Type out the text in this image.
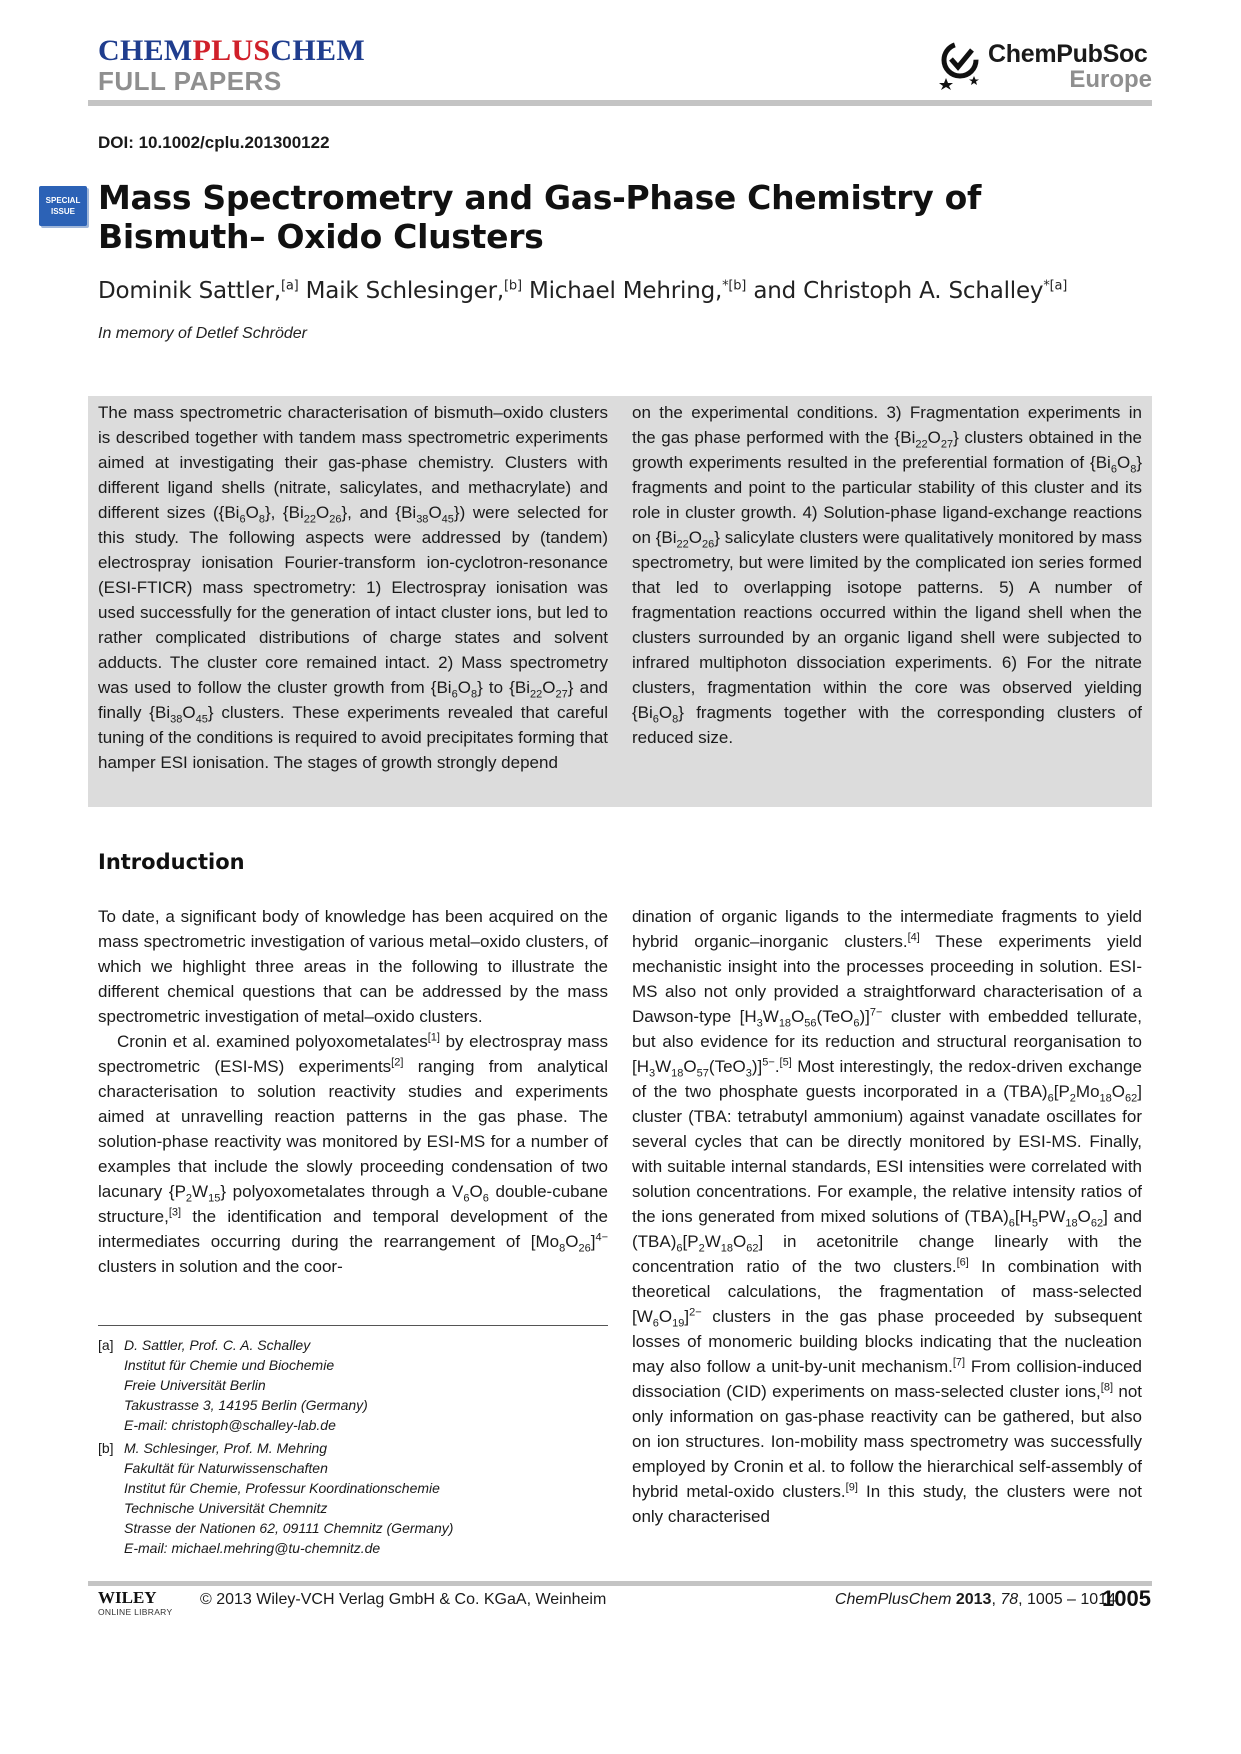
CHEMPLUSCHEM
FULL PAPERS
ChemPubSoc
Europe
DOI: 10.1002/cplu.201300122
SPECIAL
ISSUE Mass Spectrometry and Gas-Phase Chemistry of Bismuth– Oxido Clusters
Dominik Sattler,[a] Maik Schlesinger,[b] Michael Mehring,$^{*[b]}$ and Christoph A. Schalley$^{*[a]}$
In memory of Detlef Schröder

The mass spectrometric characterisation of bismuth–oxido clusters is described together with tandem mass spectrometric experiments aimed at investigating their gas-phase chemistry. Clusters with different ligand shells (nitrate, salicylates, and methacrylate) and different sizes ($\{Bi_6O_8\}$, $\{Bi_{22}O_{26}\}$, and $\{Bi_{38}O_{45}\}$) were selected for this study. The following aspects were addressed by (tandem) electrospray ionisation Fourier-transform ion-cyclotron-resonance (ESI-FTICR) mass spectrometry: 1) Electrospray ionisation was used successfully for the generation of intact cluster ions, but led to rather complicated distributions of charge states and solvent adducts. The cluster core remained intact. 2) Mass spectrometry was used to follow the cluster growth from $\{Bi_6O_8\}$ to $\{Bi_{22}O_{27}\}$ and finally $\{Bi_{38}O_{45}\}$ clusters. These experiments revealed that careful tuning of the conditions is required to avoid precipitates forming that hamper ESI ionisation. The stages of growth strongly depend

on the experimental conditions. 3) Fragmentation experiments in the gas phase performed with the $\{Bi_{22}O_{27}\}$ clusters obtained in the growth experiments resulted in the preferential formation of $\{Bi_6O_8\}$ fragments and point to the particular stability of this cluster and its role in cluster growth. 4) Solution-phase ligand-exchange reactions on $\{Bi_{22}O_{26}\}$ salicylate clusters were qualitatively monitored by mass spectrometry, but were limited by the complicated ion series formed that led to overlapping isotope patterns. 5) A number of fragmentation reactions occurred within the ligand shell when the clusters surrounded by an organic ligand shell were subjected to infrared multiphoton dissociation experiments. 6) For the nitrate clusters, fragmentation within the core was observed yielding $\{Bi_6O_8\}$ fragments together with the corresponding clusters of reduced size.

Introduction

To date, a significant body of knowledge has been acquired on the mass spectrometric investigation of various metal–oxido clusters, of which we highlight three areas in the following to illustrate the different chemical questions that can be addressed by the mass spectrometric investigation of metal–oxido clusters.

Cronin et al. examined polyoxometalates[1] by electrospray mass spectrometric (ESI-MS) experiments[2] ranging from analytical characterisation to solution reactivity studies and experiments aimed at unravelling reaction patterns in the gas phase. The solution-phase reactivity was monitored by ESI-MS for a number of examples that include the slowly proceeding condensation of two lacunary $\{P_2W_{15}\}$ polyoxometalates through a $V_6O_6$ double-cubane structure,[3] the identification and temporal development of the intermediates occurring during the rearrangement of $[Mo_8O_{26}]^{4-}$ clusters in solution and the coor-

dination of organic ligands to the intermediate fragments to yield hybrid organic–inorganic clusters.[4] These experiments yield mechanistic insight into the processes proceeding in solution. ESI-MS also not only provided a straightforward characterisation of a Dawson-type $[H_3W_{18}O_{56}(TeO_6)]^{7-}$ cluster with embedded tellurate, but also evidence for its reduction and structural reorganisation to $[H_3W_{18}O_{57}(TeO_3)]^{5-}.[5]$ Most interestingly, the redox-driven exchange of the two phosphate guests incorporated in a $(TBA)_6[P_2Mo_{18}O_{62}]$ cluster (TBA: tetrabutyl ammonium) against vanadate oscillates for several cycles that can be directly monitored by ESI-MS. Finally, with suitable internal standards, ESI intensities were correlated with solution concentrations. For example, the relative intensity ratios of the ions generated from mixed solutions of $(TBA)_6[H_5PW_{18}O_{62}]$ and $(TBA)_6[P_2W_{18}O_{62}]$ in acetonitrile change linearly with the concentration ratio of the two clusters.[6] In combination with theoretical calculations, the fragmentation of mass-selected $[W_6O_{19}]^{2-}$ clusters in the gas phase proceeded by subsequent losses of monomeric building blocks indicating that the nucleation may also follow a unit-by-unit mechanism.[7] From collision-induced dissociation (CID) experiments on mass-selected cluster ions,[8] not only information on gas-phase reactivity can be gathered, but also on ion structures. Ion-mobility mass spectrometry was successfully employed by Cronin et al. to follow the hierarchical self-assembly of hybrid metal-oxido clusters.[9] In this study, the clusters were not only characterised

[a] D. Sattler, Prof. C. A. Schalley
Institut für Chemie und Biochemie
Freie Universität Berlin
Takustrasse 3, 14195 Berlin (Germany)
E-mail: christoph@schalley-lab.de
[b] M. Schlesinger, Prof. M. Mehring
Fakultät für Naturwissenschaften
Institut für Chemie, Professur Koordinationschemie
Technische Universität Chemnitz
Strasse der Nationen 62, 09111 Chemnitz (Germany)
E-mail: michael.mehring@tu-chemnitz.de
WILEY
ONLINE LIBRARY
© 2013 Wiley-VCH Verlag GmbH & Co. KGaA, Weinheim	ChemPlusChem 2013, 78, 1005 – 1014
1005
